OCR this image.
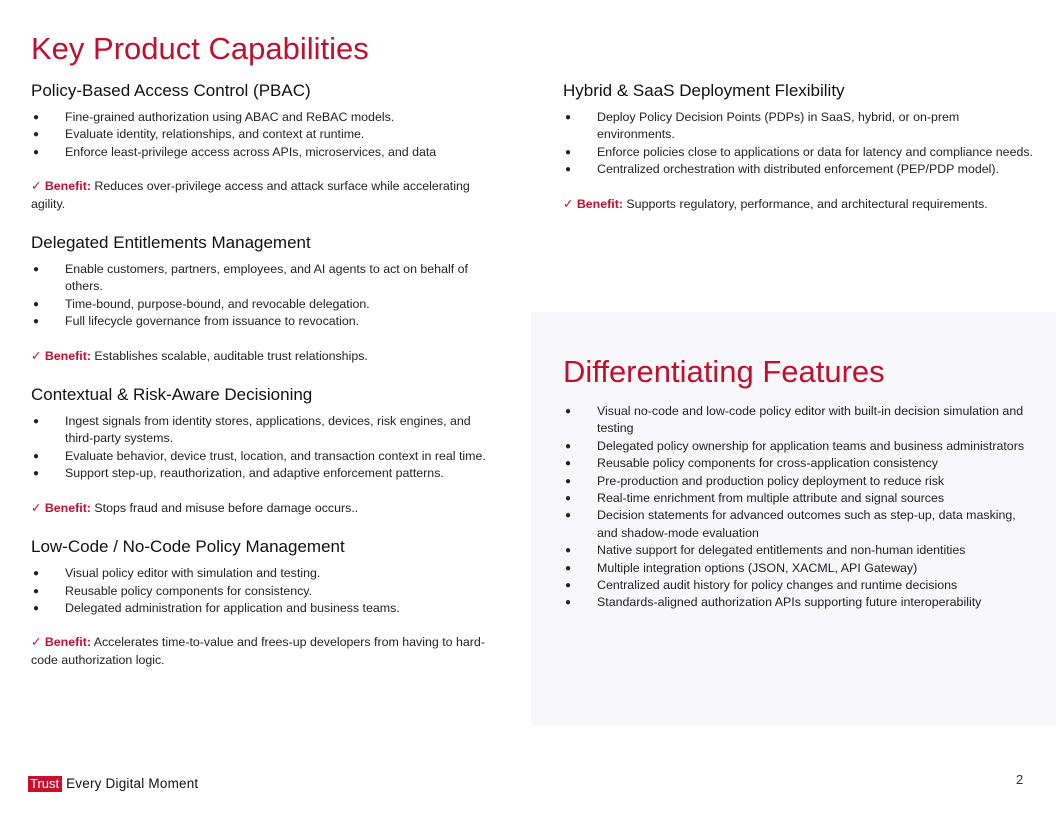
Key Product Capabilities
Policy-Based Access Control (PBAC)
● Fine-grained authorization using ABAC and ReBAC models.
● Evaluate identity, relationships, and context at runtime.
● Enforce least-privilege access across APIs, microservices, and data

✓ Benefit: Reduces over-privilege access and attack surface while accelerating agility.

Delegated Entitlements Management
● Enable customers, partners, employees, and AI agents to act on behalf of others.
● Time-bound, purpose-bound, and revocable delegation.
● Full lifecycle governance from issuance to revocation.

✓ Benefit: Establishes scalable, auditable trust relationships.

Contextual & Risk-Aware Decisioning
● Ingest signals from identity stores, applications, devices, risk engines, and third-party systems.
● Evaluate behavior, device trust, location, and transaction context in real time.
● Support step-up, reauthorization, and adaptive enforcement patterns.

✓ Benefit: Stops fraud and misuse before damage occurs..

Low-Code / No-Code Policy Management
● Visual policy editor with simulation and testing.
● Reusable policy components for consistency.
● Delegated administration for application and business teams.

✓ Benefit: Accelerates time-to-value and frees-up developers from having to hard-code authorization logic.

Hybrid & SaaS Deployment Flexibility
● Deploy Policy Decision Points (PDPs) in SaaS, hybrid, or on-prem environments.
● Enforce policies close to applications or data for latency and compliance needs.
● Centralized orchestration with distributed enforcement (PEP/PDP model).

✓ Benefit: Supports regulatory, performance, and architectural requirements.

Differentiating Features
● Visual no-code and low-code policy editor with built-in decision simulation and testing
● Delegated policy ownership for application teams and business administrators
● Reusable policy components for cross-application consistency
● Pre-production and production policy deployment to reduce risk
● Real-time enrichment from multiple attribute and signal sources
● Decision statements for advanced outcomes such as step-up, data masking, and shadow-mode evaluation
● Native support for delegated entitlements and non-human identities
● Multiple integration options (JSON, XACML, API Gateway)
● Centralized audit history for policy changes and runtime decisions
● Standards-aligned authorization APIs supporting future interoperability
Trust Every Digital Moment	2
